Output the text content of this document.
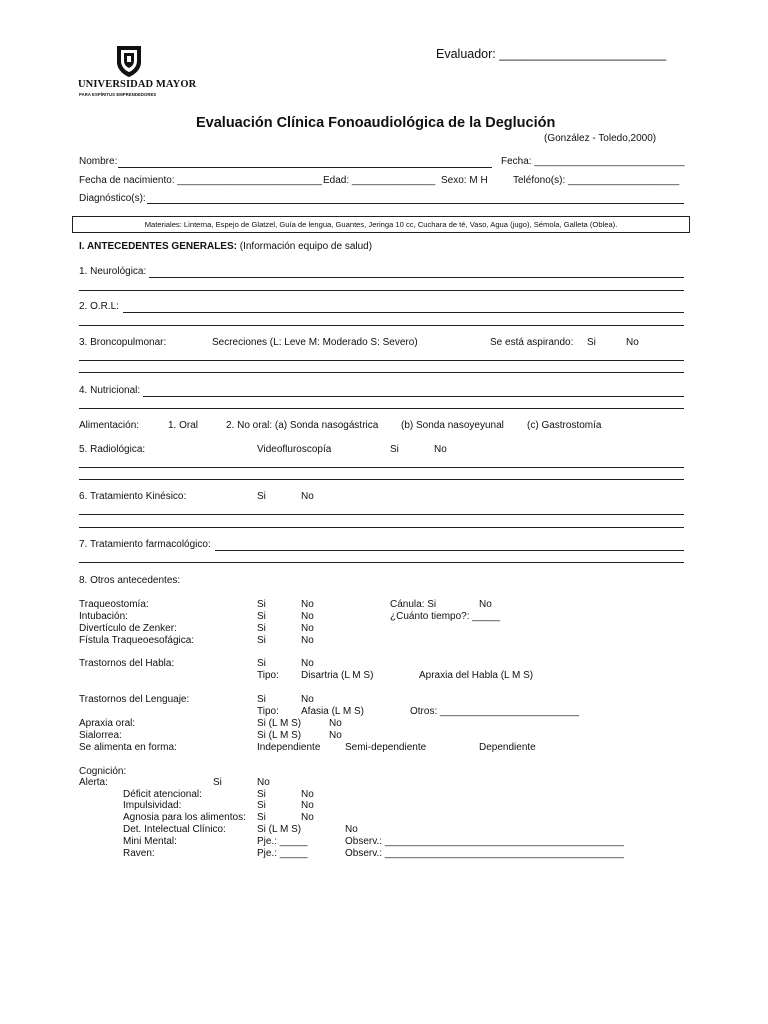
UNIVERSIDAD MAYOR
PARA ESPÍRITUS EMPRENDEDORES
Evaluador: ________________________
Evaluación Clínica Fonoaudiológica de la Deglución
(González - Toledo,2000)
Nombre:	Fecha: ___________________________
Fecha de nacimiento: __________________________ Edad: _______________ Sexo: M H	Teléfono(s): ____________________
Diagnóstico(s):
Materiales: Linterna, Espejo de Glatzel, Guía de lengua, Guantes, Jeringa 10 cc, Cuchara de té, Vaso, Agua (jugo), Sémola, Galleta (Oblea).
I. ANTECEDENTES GENERALES: (Información equipo de salud)
1. Neurológica:
2. O.R.L:
3. Broncopulmonar:	Secreciones (L: Leve M: Moderado S: Severo)	Se está aspirando: Si	No
4. Nutricional:
Alimentación:	1. Oral	2. No oral: (a) Sonda nasogástrica (b) Sonda nasoyeyunal (c) Gastrostomía
5. Radiológica:	Videofluroscopía	Si	No
6. Tratamiento Kinésico:	Si	No
7. Tratamiento farmacológico:
8. Otros antecedentes:
Traqueostomía:	Si	No	Cánula: Si	No
Intubación:	Si	No	¿Cuánto tiempo?: _____
Divertículo de Zenker:	Si	No
Fístula Traqueoesofágica:	Si	No
Trastornos del Habla:	Si	No
Tipo: Disartria (L M S)	Apraxia del Habla (L M S)
Trastornos del Lenguaje:	Si	No
Tipo: Afasia (L M S)	Otros: _________________________
Apraxia oral:	Si (L M S)	No
Sialorrea:	Si (L M S)	No
Se alimenta en forma:	Independiente Semi-dependiente	Dependiente
Cognición:
Alerta:	Si	No
Déficit atencional:	Si	No
Impulsividad:	Si	No
Agnosia para los alimentos: Si	No
Det. Intelectual Clínico:	Si (L M S)	No
Mini Mental:	Pje.: _____	Observ.: ___________________________________________
Raven:	Pje.: _____	Observ.: ___________________________________________
